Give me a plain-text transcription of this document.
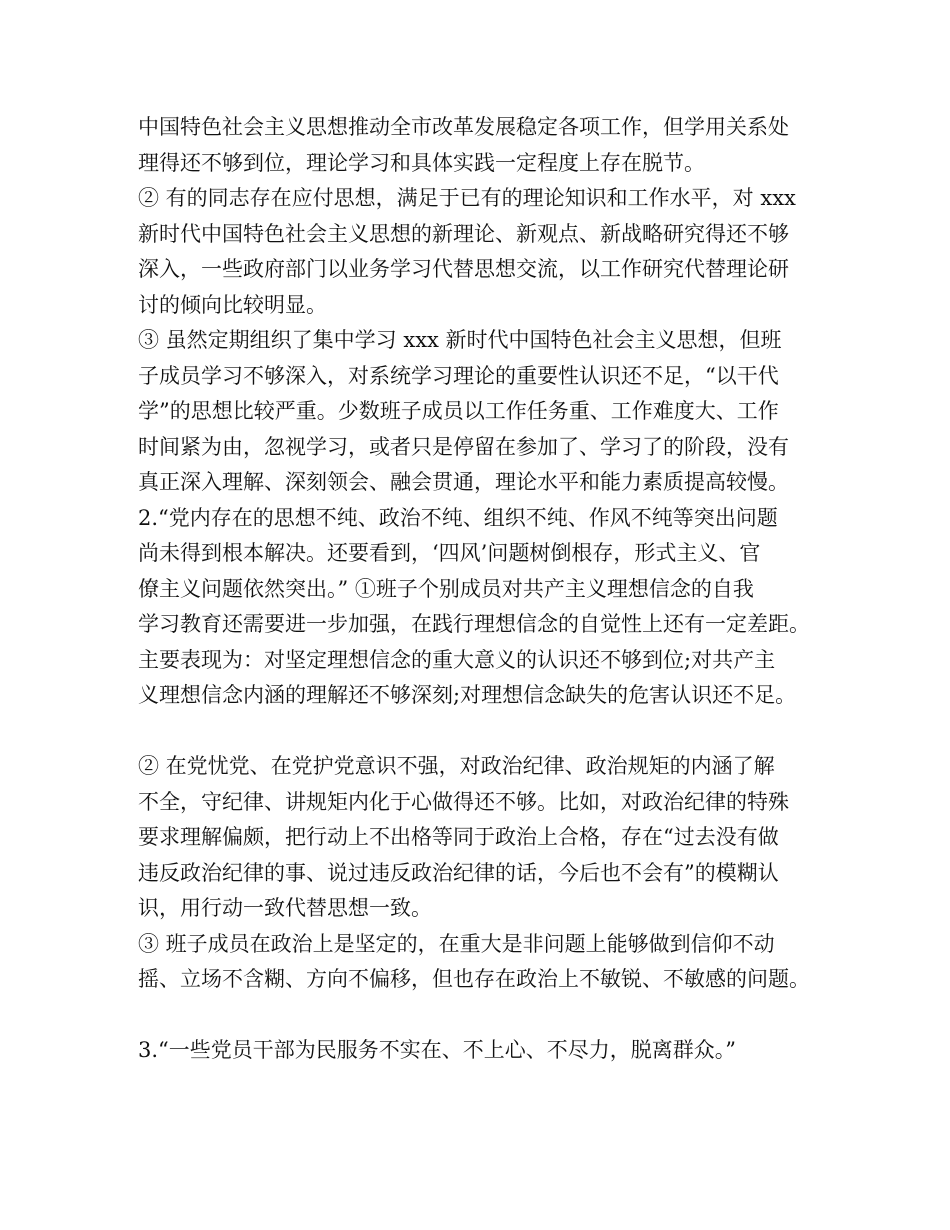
中国特色社会主义思想推动全市改革发展稳定各项工作，但学用关系处
理得还不够到位，理论学习和具体实践一定程度上存在脱节。
② 有的同志存在应付思想，满足于已有的理论知识和工作水平，对 xxx
新时代中国特色社会主义思想的新理论、新观点、新战略研究得还不够
深入，一些政府部门以业务学习代替思想交流，以工作研究代替理论研
讨的倾向比较明显。
③ 虽然定期组织了集中学习 xxx 新时代中国特色社会主义思想，但班
子成员学习不够深入，对系统学习理论的重要性认识还不足，“以干代
学”的思想比较严重。少数班子成员以工作任务重、工作难度大、工作
时间紧为由，忽视学习，或者只是停留在参加了、学习了的阶段，没有
真正深入理解、深刻领会、融会贯通，理论水平和能力素质提高较慢。
2.“党内存在的思想不纯、政治不纯、组织不纯、作风不纯等突出问题
尚未得到根本解决。还要看到，‘四风’问题树倒根存，形式主义、官
僚主义问题依然突出。” ①班子个别成员对共产主义理想信念的自我
学习教育还需要进一步加强，在践行理想信念的自觉性上还有一定差距。
主要表现为：对坚定理想信念的重大意义的认识还不够到位;对共产主
义理想信念内涵的理解还不够深刻;对理想信念缺失的危害认识还不足。
② 在党忧党、在党护党意识不强，对政治纪律、政治规矩的内涵了解
不全，守纪律、讲规矩内化于心做得还不够。比如，对政治纪律的特殊
要求理解偏颇，把行动上不出格等同于政治上合格，存在“过去没有做
违反政治纪律的事、说过违反政治纪律的话，今后也不会有”的模糊认
识，用行动一致代替思想一致。
③ 班子成员在政治上是坚定的，在重大是非问题上能够做到信仰不动
摇、立场不含糊、方向不偏移，但也存在政治上不敏锐、不敏感的问题。
3.“一些党员干部为民服务不实在、不上心、不尽力，脱离群众。”
